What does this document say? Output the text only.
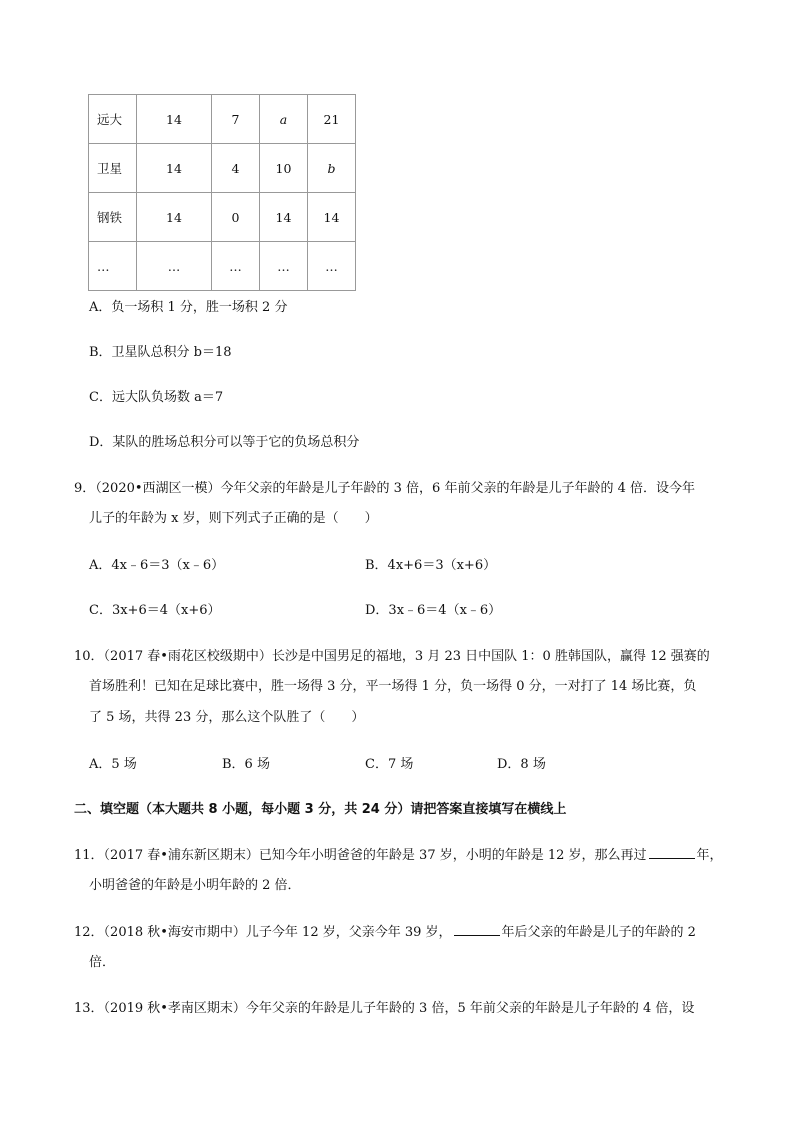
远大	14	7	a	21
卫星	14	4	10	b
钢铁	14	0	14	14
…	…	…	…	…
A．负一场积 1 分，胜一场积 2 分
B．卫星队总积分 b＝18
C．远大队负场数 a＝7
D．某队的胜场总积分可以等于它的负场总积分
9．（2020•西湖区一模）今年父亲的年龄是儿子年龄的 3 倍，6 年前父亲的年龄是儿子年龄的 4 倍．设今年
儿子的年龄为 x 岁，则下列式子正确的是（　　）
A．4x﹣6＝3（x﹣6）	B．4x+6＝3（x+6）
C．3x+6＝4（x+6）	D．3x﹣6＝4（x﹣6）
10．（2017 春•雨花区校级期中）长沙是中国男足的福地，3 月 23 日中国队 1：0 胜韩国队，赢得 12 强赛的
首场胜利！已知在足球比赛中，胜一场得 3 分，平一场得 1 分，负一场得 0 分，一对打了 14 场比赛，负
了 5 场，共得 23 分，那么这个队胜了（　　）
A．5 场	B．6 场	C．7 场	D．8 场
二、填空题（本大题共 8 小题，每小题 3 分，共 24 分）请把答案直接填写在横线上
11．（2017 春•浦东新区期末）已知今年小明爸爸的年龄是 37 岁，小明的年龄是 12 岁，那么再过	年，
小明爸爸的年龄是小明年龄的 2 倍．
12．（2018 秋•海安市期中）儿子今年 12 岁，父亲今年 39 岁，	年后父亲的年龄是儿子的年龄的 2
倍．
13．（2019 秋•孝南区期末）今年父亲的年龄是儿子年龄的 3 倍，5 年前父亲的年龄是儿子年龄的 4 倍，设
